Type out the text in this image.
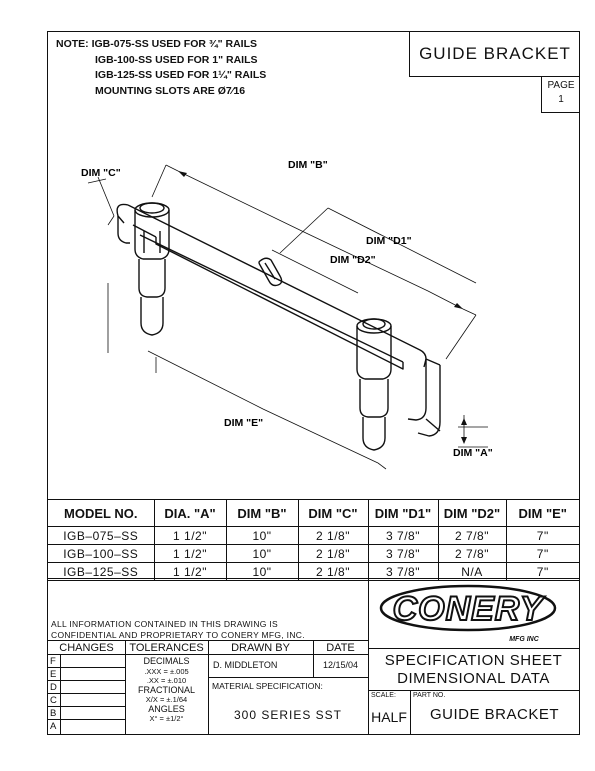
NOTE: IGB-075-SS USED FOR ¾" RAILS
IGB-100-SS USED FOR 1" RAILS
IGB-125-SS USED FOR 1¼" RAILS
MOUNTING SLOTS ARE Ø7⁄16
GUIDE BRACKET
PAGE
1
DIM "B"
DIM "C"
DIM "D1"
DIM "D2"
DIM "E"
DIM "A"
MODEL NO.	DIA. "A"	DIM "B"	DIM "C"	DIM "D1"	DIM "D2"	DIM "E"
IGB–075–SS	1 1/2"	10"	2 1/8"	3 7/8"	2 7/8"	7"
IGB–100–SS	1 1/2"	10"	2 1/8"	3 7/8"	2 7/8"	7"
IGB–125–SS	1 1/2"	10"	2 1/8"	3 7/8"	N/A	7"
ALL INFORMATION CONTAINED IN THIS DRAWING IS
CONFIDENTIAL AND PROPRIETARY TO CONERY MFG, INC.
CONERY
MFG INC
CHANGES
F
E
D
C
B
A
TOLERANCES
DECIMALS
.XXX = ±.005
.XX = ±.010
FRACTIONAL
X/X = ±.1/64
ANGLES
X° = ±1/2°
DRAWN BY	DATE
D. MIDDLETON	12/15/04
MATERIAL SPECIFICATION:
300 SERIES SST
SPECIFICATION SHEET
DIMENSIONAL DATA
SCALE:
HALF
PART NO.
GUIDE BRACKET
